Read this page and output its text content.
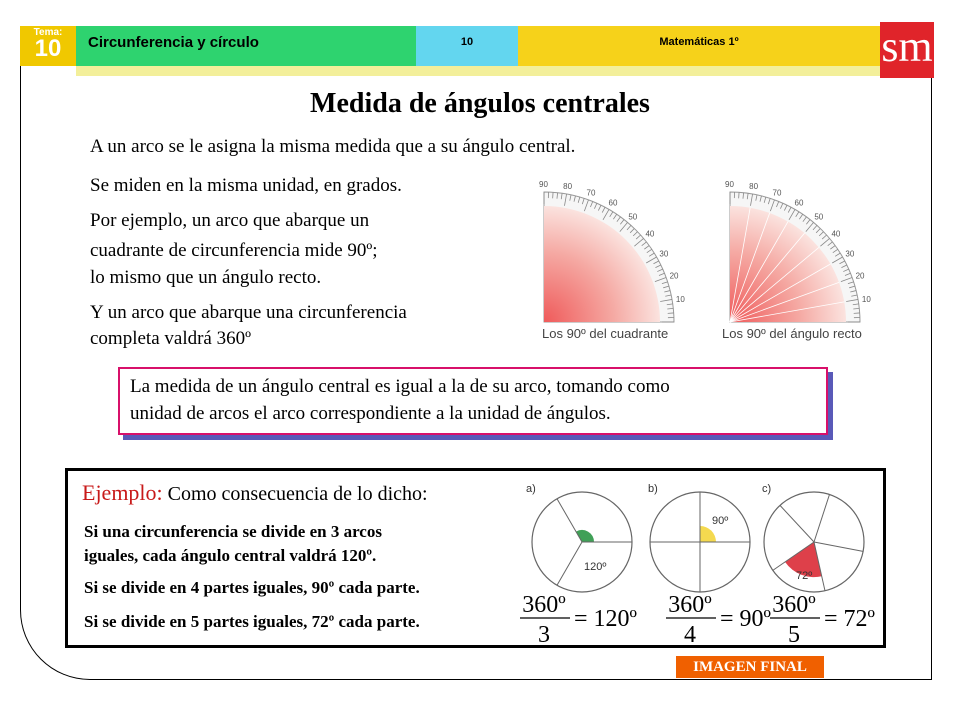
Tema:
10	Circunferencia y círculo	10	Matemáticas 1º	sm
Medida de ángulos centrales
A un arco se le asigna la misma medida que a su ángulo central.
Se miden en la misma unidad, en grados.
Por ejemplo, un arco que abarque un
cuadrante de circunferencia mide 90º;
lo mismo que un ángulo recto.
Y un arco que abarque una circunferencia
completa valdrá 360º	Los 90º del cuadrante	Los 90º del ángulo recto
90 80
70
60
50
40
30
20
10
90 80
70
60
50
40
30
20
10
La medida de un ángulo central es igual a la de su arco, tomando como
unidad de arcos el arco correspondiente a la unidad de ángulos.
Ejemplo: Como consecuencia de lo dicho:
Si una circunferencia se divide en 3 arcos
iguales, cada ángulo central valdrá 120º.
Si se divide en 4 partes iguales, 90º cada parte.
Si se divide en 5 partes iguales, 72º cada parte.
a)
120º
b)
90º
c)
72º
360º
3
= 120º
360º
4
= 90º
360º
5
= 72º
IMAGEN FINAL
